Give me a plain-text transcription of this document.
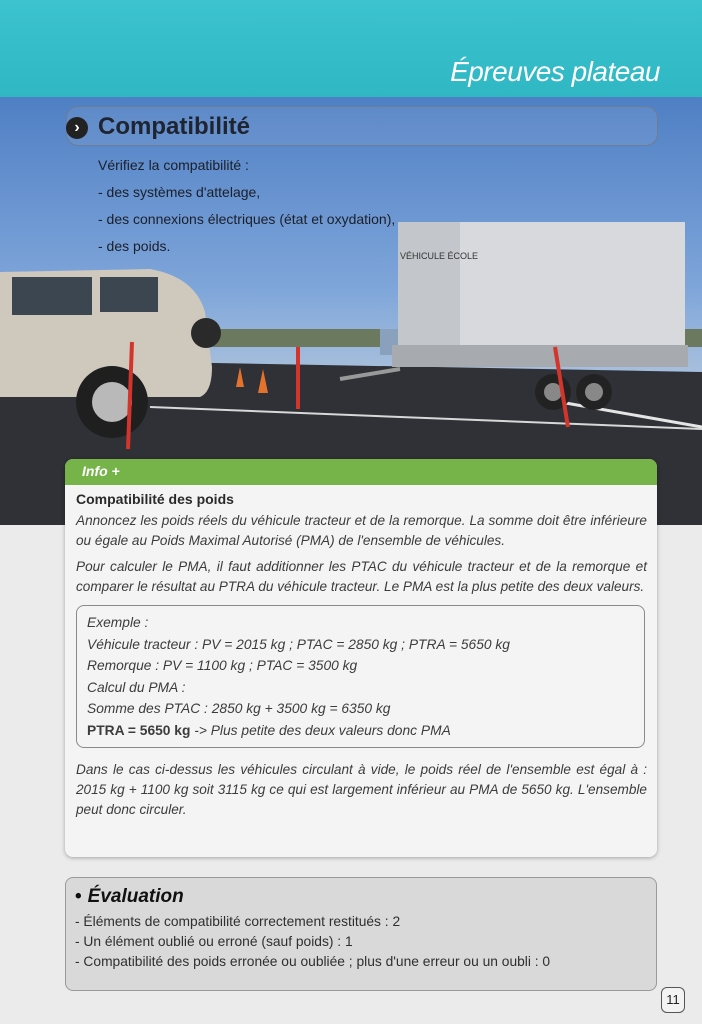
Épreuves plateau
VÉHICULE ÉCOLE
› Compatibilité
Vérifiez la compatibilité :
- des systèmes d'attelage,
- des connexions électriques (état et oxydation),
- des poids.
Info +
Compatibilité des poids
Annoncez les poids réels du véhicule tracteur et de la remorque. La somme doit être inférieure ou égale au Poids Maximal Autorisé (PMA) de l'ensemble de véhicules.
Pour calculer le PMA, il faut additionner les PTAC du véhicule tracteur et de la remorque et comparer le résultat au PTRA du véhicule tracteur. Le PMA est la plus petite des deux valeurs.
Exemple :
Véhicule tracteur : PV = 2015 kg ; PTAC = 2850 kg ; PTRA = 5650 kg
Remorque : PV = 1100 kg ; PTAC = 3500 kg
Calcul du PMA :
Somme des PTAC : 2850 kg + 3500 kg = 6350 kg
PTRA = 5650 kg -> Plus petite des deux valeurs donc PMA
Dans le cas ci-dessus les véhicules circulant à vide, le poids réel de l'ensemble est égal à : 2015 kg + 1100 kg soit 3115 kg ce qui est largement inférieur au PMA de 5650 kg. L'ensemble peut donc circuler.
• Évaluation
- Éléments de compatibilité correctement restitués : 2
- Un élément oublié ou erroné (sauf poids) : 1
- Compatibilité des poids erronée ou oubliée ; plus d'une erreur ou un oubli : 0
11
